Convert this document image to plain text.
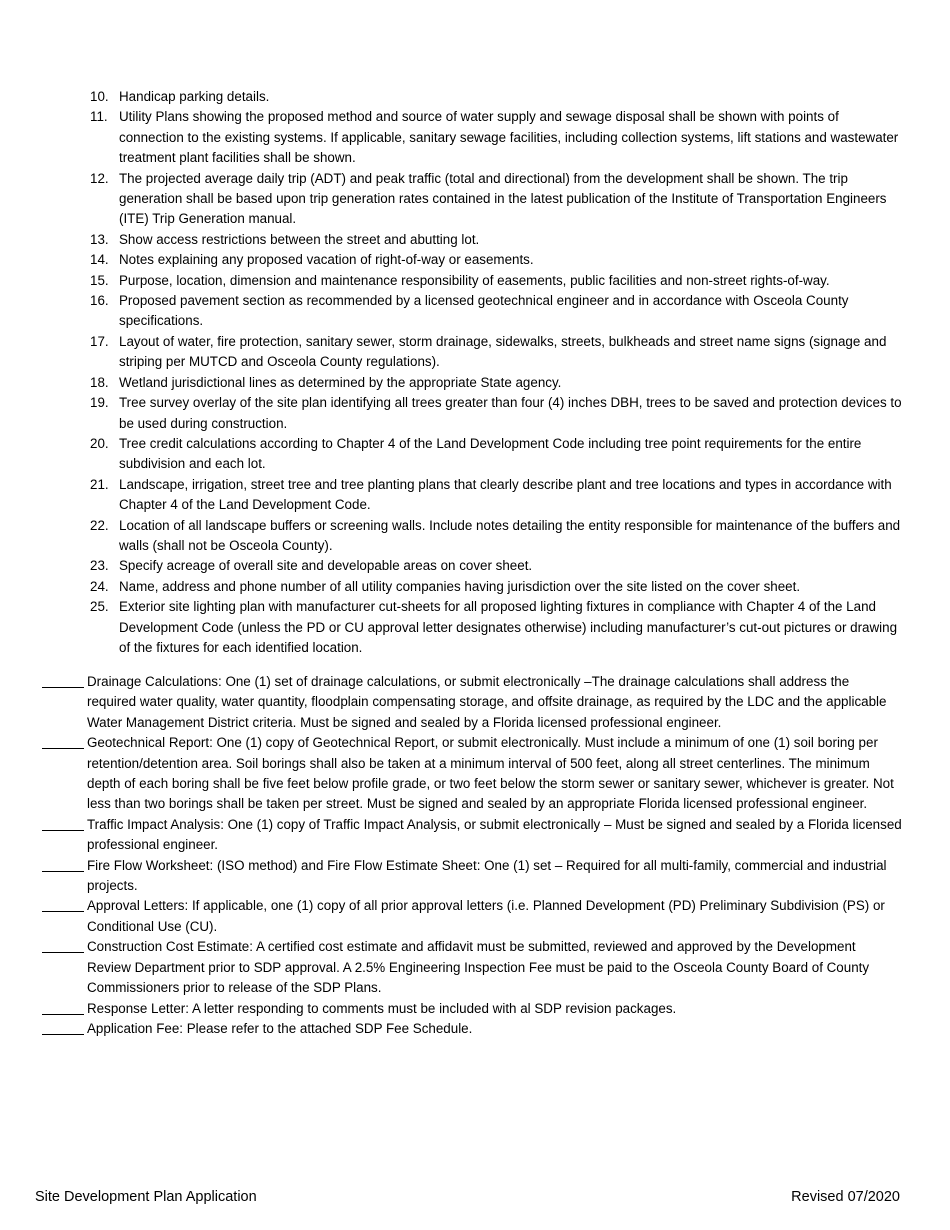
10. Handicap parking details.
11. Utility Plans showing the proposed method and source of water supply and sewage disposal shall be shown with points of connection to the existing systems. If applicable, sanitary sewage facilities, including collection systems, lift stations and wastewater treatment plant facilities shall be shown.
12. The projected average daily trip (ADT) and peak traffic (total and directional) from the development shall be shown. The trip generation shall be based upon trip generation rates contained in the latest publication of the Institute of Transportation Engineers (ITE) Trip Generation manual.
13. Show access restrictions between the street and abutting lot.
14. Notes explaining any proposed vacation of right-of-way or easements.
15. Purpose, location, dimension and maintenance responsibility of easements, public facilities and non-street rights-of-way.
16. Proposed pavement section as recommended by a licensed geotechnical engineer and in accordance with Osceola County specifications.
17. Layout of water, fire protection, sanitary sewer, storm drainage, sidewalks, streets, bulkheads and street name signs (signage and striping per MUTCD and Osceola County regulations).
18. Wetland jurisdictional lines as determined by the appropriate State agency.
19. Tree survey overlay of the site plan identifying all trees greater than four (4) inches DBH, trees to be saved and protection devices to be used during construction.
20. Tree credit calculations according to Chapter 4 of the Land Development Code including tree point requirements for the entire subdivision and each lot.
21. Landscape, irrigation, street tree and tree planting plans that clearly describe plant and tree locations and types in accordance with Chapter 4 of the Land Development Code.
22. Location of all landscape buffers or screening walls. Include notes detailing the entity responsible for maintenance of the buffers and walls (shall not be Osceola County).
23. Specify acreage of overall site and developable areas on cover sheet.
24. Name, address and phone number of all utility companies having jurisdiction over the site listed on the cover sheet.
25. Exterior site lighting plan with manufacturer cut-sheets for all proposed lighting fixtures in compliance with Chapter 4 of the Land Development Code (unless the PD or CU approval letter designates otherwise) including manufacturer’s cut-out pictures or drawing of the fixtures for each identified location.
Drainage Calculations: One (1) set of drainage calculations, or submit electronically –The drainage calculations shall address the required water quality, water quantity, floodplain compensating storage, and offsite drainage, as required by the LDC and the applicable Water Management District criteria. Must be signed and sealed by a Florida licensed professional engineer.
Geotechnical Report: One (1) copy of Geotechnical Report, or submit electronically. Must include a minimum of one (1) soil boring per retention/detention area. Soil borings shall also be taken at a minimum interval of 500 feet, along all street centerlines. The minimum depth of each boring shall be five feet below profile grade, or two feet below the storm sewer or sanitary sewer, whichever is greater. Not less than two borings shall be taken per street. Must be signed and sealed by an appropriate Florida licensed professional engineer.
Traffic Impact Analysis: One (1) copy of Traffic Impact Analysis, or submit electronically – Must be signed and sealed by a Florida licensed professional engineer.
Fire Flow Worksheet: (ISO method) and Fire Flow Estimate Sheet: One (1) set – Required for all multi-family, commercial and industrial projects.
Approval Letters: If applicable, one (1) copy of all prior approval letters (i.e. Planned Development (PD) Preliminary Subdivision (PS) or Conditional Use (CU).
Construction Cost Estimate: A certified cost estimate and affidavit must be submitted, reviewed and approved by the Development Review Department prior to SDP approval. A 2.5% Engineering Inspection Fee must be paid to the Osceola County Board of County Commissioners prior to release of the SDP Plans.
Response Letter: A letter responding to comments must be included with al SDP revision packages.
Application Fee: Please refer to the attached SDP Fee Schedule.
Site Development Plan Application	Revised 07/2020
